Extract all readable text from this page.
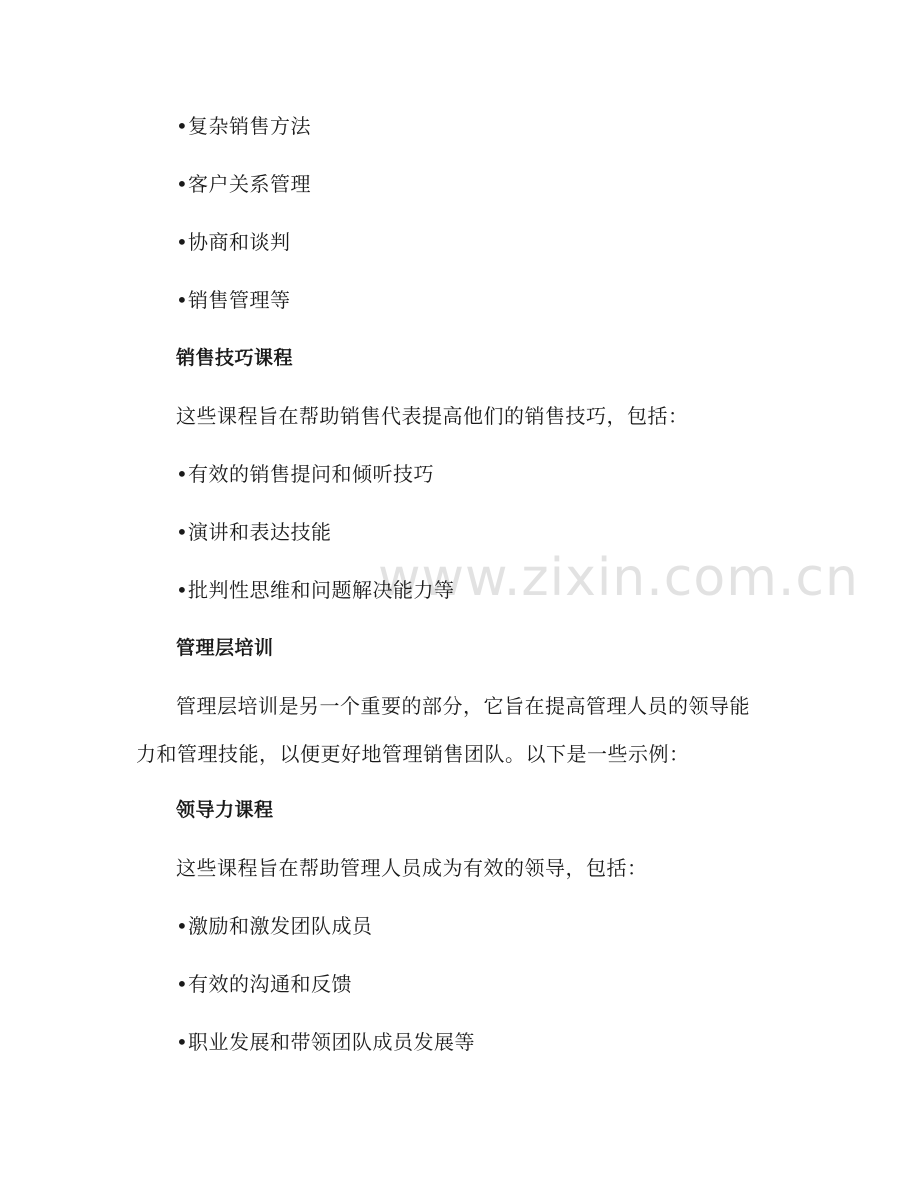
www.zixin.com.cn
•复杂销售方法
•客户关系管理
•协商和谈判
•销售管理等
销售技巧课程
这些课程旨在帮助销售代表提高他们的销售技巧，包括：
•有效的销售提问和倾听技巧
•演讲和表达技能
•批判性思维和问题解决能力等
管理层培训
管理层培训是另一个重要的部分，它旨在提高管理人员的领导能
力和管理技能，以便更好地管理销售团队。以下是一些示例：
领导力课程
这些课程旨在帮助管理人员成为有效的领导，包括：
•激励和激发团队成员
•有效的沟通和反馈
•职业发展和带领团队成员发展等
